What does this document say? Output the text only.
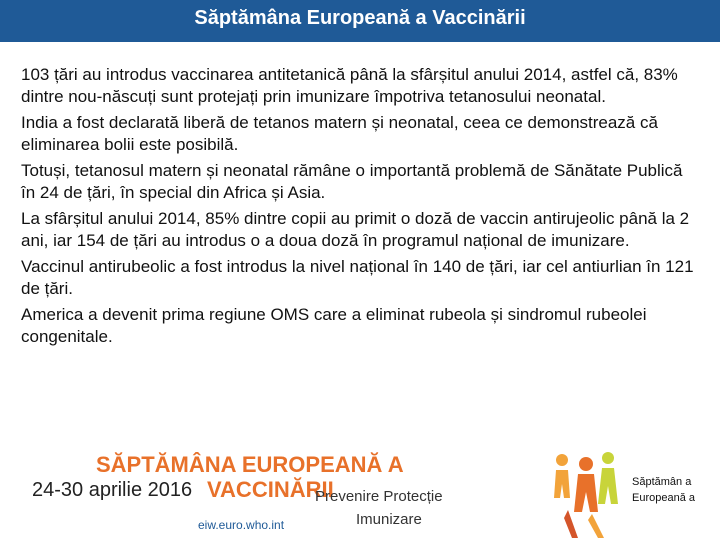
Săptămâna Europeană a Vaccinării

103 țări au introdus vaccinarea antitetanică până la sfârșitul anului 2014, astfel că, 83% dintre nou-născuți sunt protejați prin imunizare împotriva tetanosului neonatal.

India a fost declarată liberă de tetanos matern și neonatal, ceea ce demonstrează că eliminarea bolii este posibilă.

Totuși, tetanosul matern și neonatal rămâne o importantă problemă de Sănătate Publică în 24 de țări, în special din Africa și Asia.

La sfârșitul anului 2014, 85% dintre copii au primit o doză de vaccin antirujeolic până la 2 ani, iar 154 de țări au introdus o a doua doză în programul național de imunizare.

Vaccinul antirubeolic a fost introdus la nivel național în 140 de țări, iar cel antiurlian în 121 de țări.

America a devenit prima regiune OMS care a eliminat rubeola și sindromul rubeolei congenitale.

SĂPTĂMÂNA EUROPEANĂ A
24-30 aprilie 2016 VACCINĂRII
Prevenire Protecție
Imunizare
eiw.euro.who.int
Săptămân a Europeană a
